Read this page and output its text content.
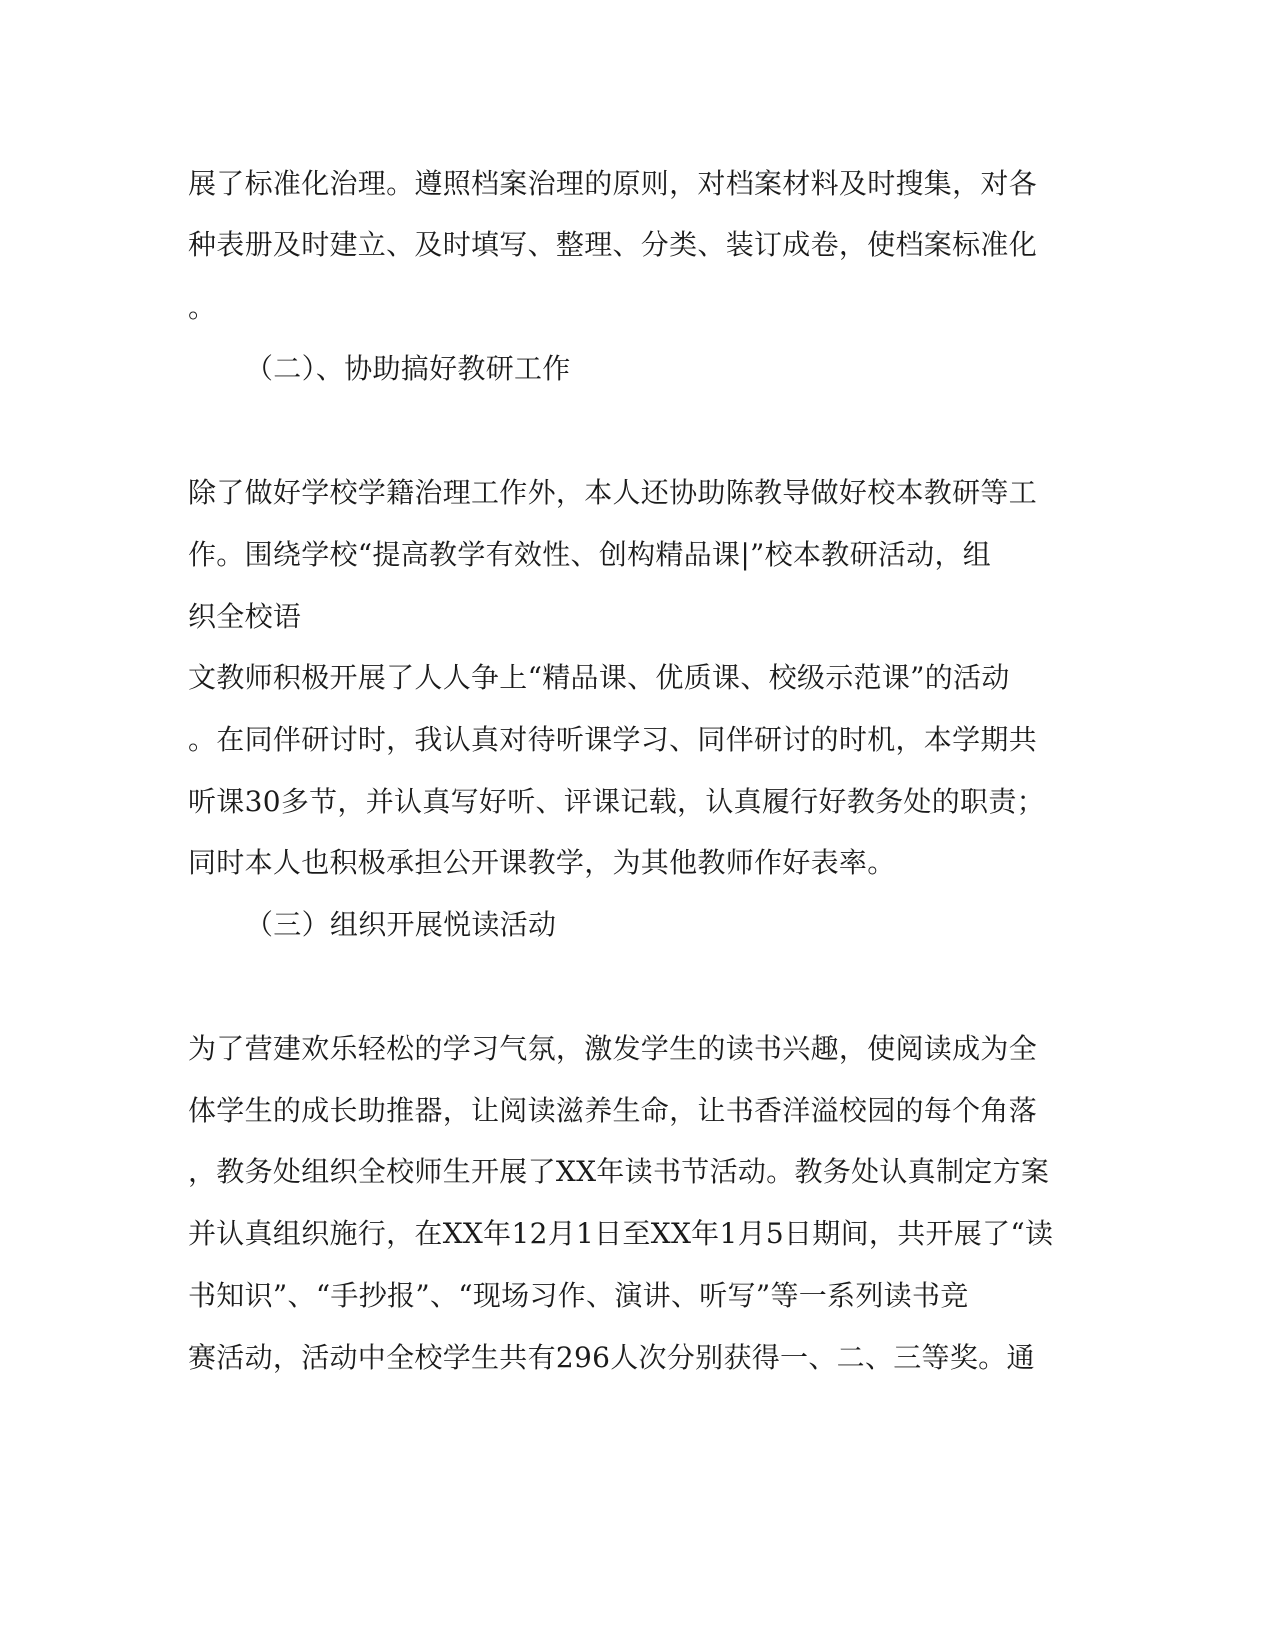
展了标准化治理。遵照档案治理的原则，对档案材料及时搜集，对各
种表册及时建立、及时填写、整理、分类、装订成卷，使档案标准化
。
（二）、协助搞好教研工作
除了做好学校学籍治理工作外，本人还协助陈教导做好校本教研等工
作。围绕学校“提高教学有效性、创构精品课|”校本教研活动，组
织全校语
文教师积极开展了人人争上“精品课、优质课、校级示范课”的活动
。在同伴研讨时，我认真对待听课学习、同伴研讨的时机，本学期共
听课30多节，并认真写好听、评课记载，认真履行好教务处的职责；
同时本人也积极承担公开课教学，为其他教师作好表率。
（三）组织开展悦读活动
为了营建欢乐轻松的学习气氛，激发学生的读书兴趣，使阅读成为全
体学生的成长助推器，让阅读滋养生命，让书香洋溢校园的每个角落
，教务处组织全校师生开展了XX年读书节活动。教务处认真制定方案
并认真组织施行，在XX年12月1日至XX年1月5日期间，共开展了“读
书知识”、“手抄报”、“现场习作、演讲、听写”等一系列读书竞
赛活动，活动中全校学生共有296人次分别获得一、二、三等奖。通
